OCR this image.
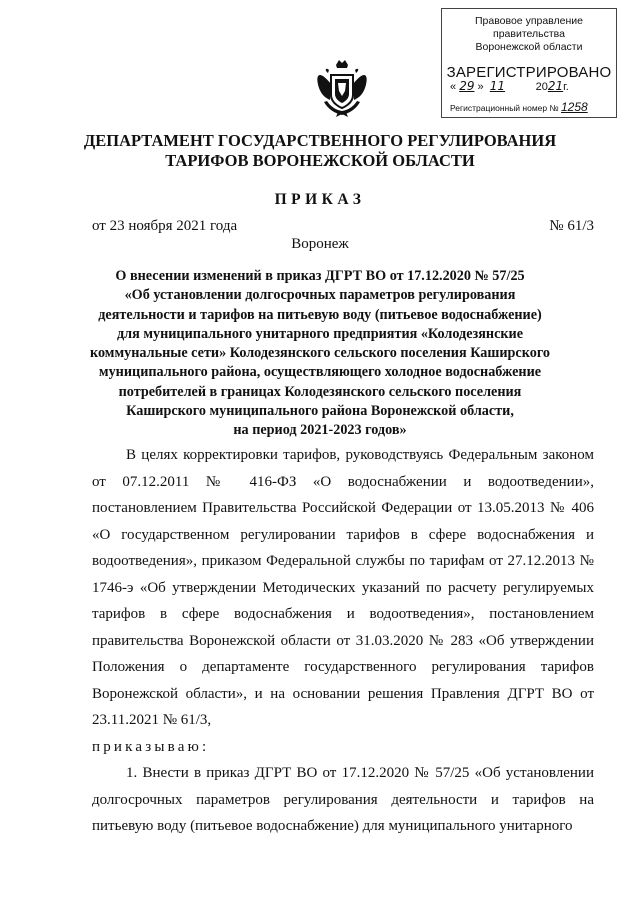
Правовое управление правительства
Воронежской области
ЗАРЕГИСТРИРОВАНО
« 29 »  11	2021г.
Регистрационный номер № 1258
ДЕПАРТАМЕНТ ГОСУДАРСТВЕННОГО РЕГУЛИРОВАНИЯ
ТАРИФОВ ВОРОНЕЖСКОЙ ОБЛАСТИ
ПРИКАЗ
от 23 ноября 2021 года	№ 61/3
Воронеж
О внесении изменений в приказ ДГРТ ВО от 17.12.2020 № 57/25
«Об установлении долгосрочных параметров регулирования
деятельности и тарифов на питьевую воду (питьевое водоснабжение)
для муниципального унитарного предприятия «Колодезянские
коммунальные сети» Колодезянского сельского поселения Каширского
муниципального района, осуществляющего холодное водоснабжение
потребителей в границах Колодезянского сельского поселения
Каширского муниципального района Воронежской области,
на период 2021-2023 годов»

В целях корректировки тарифов, руководствуясь Федеральным законом от 07.12.2011 № 416-ФЗ «О водоснабжении и водоотведении», постановлением Правительства Российской Федерации от 13.05.2013 № 406 «О государственном регулировании тарифов в сфере водоснабжения и водоотведения», приказом Федеральной службы по тарифам от 27.12.2013 № 1746-э «Об утверждении Методических указаний по расчету регулируемых тарифов в сфере водоснабжения и водоотведения», постановлением правительства Воронежской области от 31.03.2020 № 283 «Об утверждении Положения о департаменте государственного регулирования тарифов Воронежской области», и на основании решения Правления ДГРТ ВО от 23.11.2021 № 61/3,

приказываю:

1. Внести в приказ ДГРТ ВО от 17.12.2020 № 57/25 «Об установлении долгосрочных параметров регулирования деятельности и тарифов на питьевую воду (питьевое водоснабжение) для муниципального унитарного
